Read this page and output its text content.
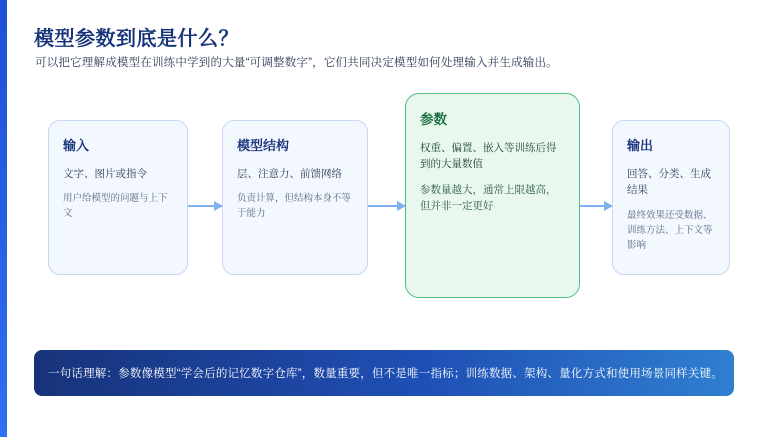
模型参数到底是什么？
可以把它理解成模型在训练中学到的大量“可调整数字”，它们共同决定模型如何处理输入并生成输出。
输入
文字、图片或指令
用户给模型的问题与上下文
模型结构
层、注意力、前馈网络
负责计算，但结构本身不等于能力
参数
权重、偏置、嵌入等训练后得到的大量数值
参数量越大，通常上限越高，但并非一定更好
输出
回答、分类、生成结果
最终效果还受数据、训练方法、上下文等影响
一句话理解：参数像模型“学会后的记忆数字仓库”，数量重要，但不是唯一指标；训练数据、架构、量化方式和使用场景同样关键。
